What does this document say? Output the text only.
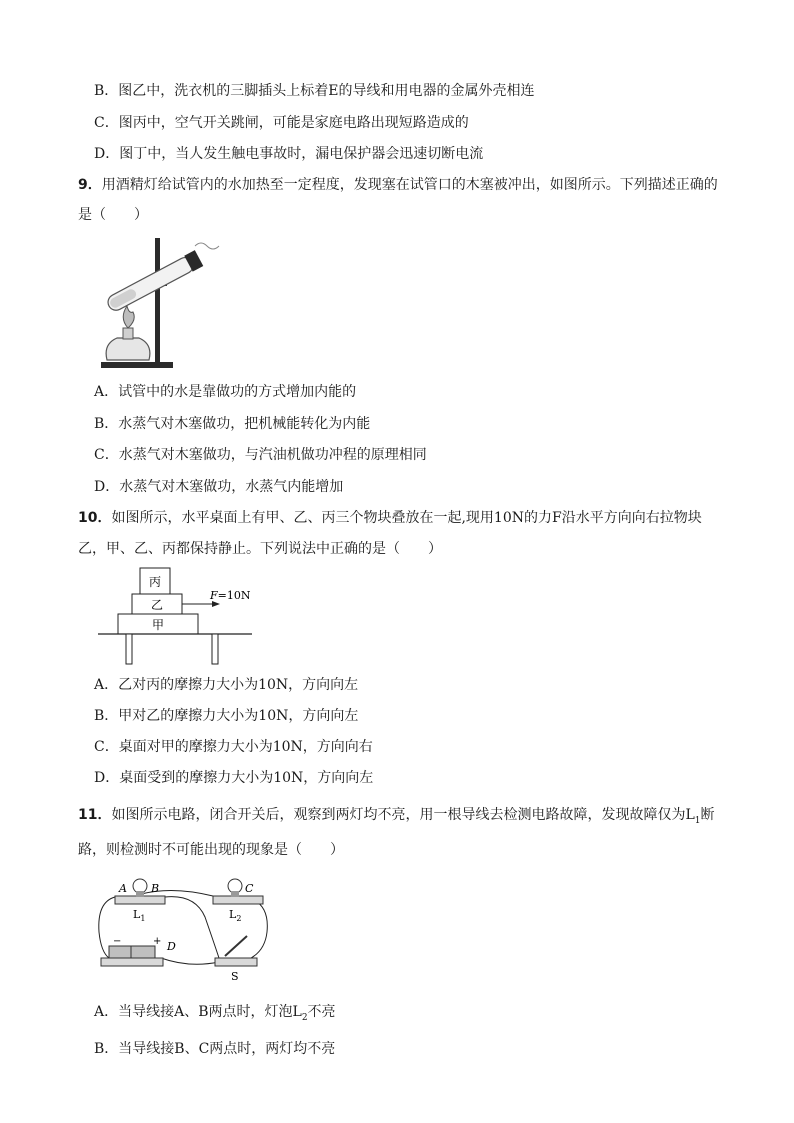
B．图乙中，洗衣机的三脚插头上标着E的导线和用电器的金属外壳相连
C．图丙中，空气开关跳闸，可能是家庭电路出现短路造成的
D．图丁中，当人发生触电事故时，漏电保护器会迅速切断电流
9．用酒精灯给试管内的水加热至一定程度，发现塞在试管口的木塞被冲出，如图所示。下列描述正确的
是（　　）
A．试管中的水是靠做功的方式增加内能的
B．水蒸气对木塞做功，把机械能转化为内能
C．水蒸气对木塞做功，与汽油机做功冲程的原理相同
D．水蒸气对木塞做功，水蒸气内能增加
10．如图所示，水平桌面上有甲、乙、丙三个物块叠放在一起,现用10N的力F沿水平方向向右拉物块
乙，甲、乙、丙都保持静止。下列说法中正确的是（　　）
丙
乙
F=10N
甲
A．乙对丙的摩擦力大小为10N，方向向左
B．甲对乙的摩擦力大小为10N，方向向左
C．桌面对甲的摩擦力大小为10N，方向向右
D．桌面受到的摩擦力大小为10N，方向向左
11．如图所示电路，闭合开关后，观察到两灯均不亮，用一根导线去检测电路故障，发现故障仅为$L_1$断
路，则检测时不可能出现的现象是（　　）
A B
$L_1$
C
$L_2$
−	+ D
S
A．当导线接A、B两点时，灯泡$L_2$不亮
B．当导线接B、C两点时，两灯均不亮
